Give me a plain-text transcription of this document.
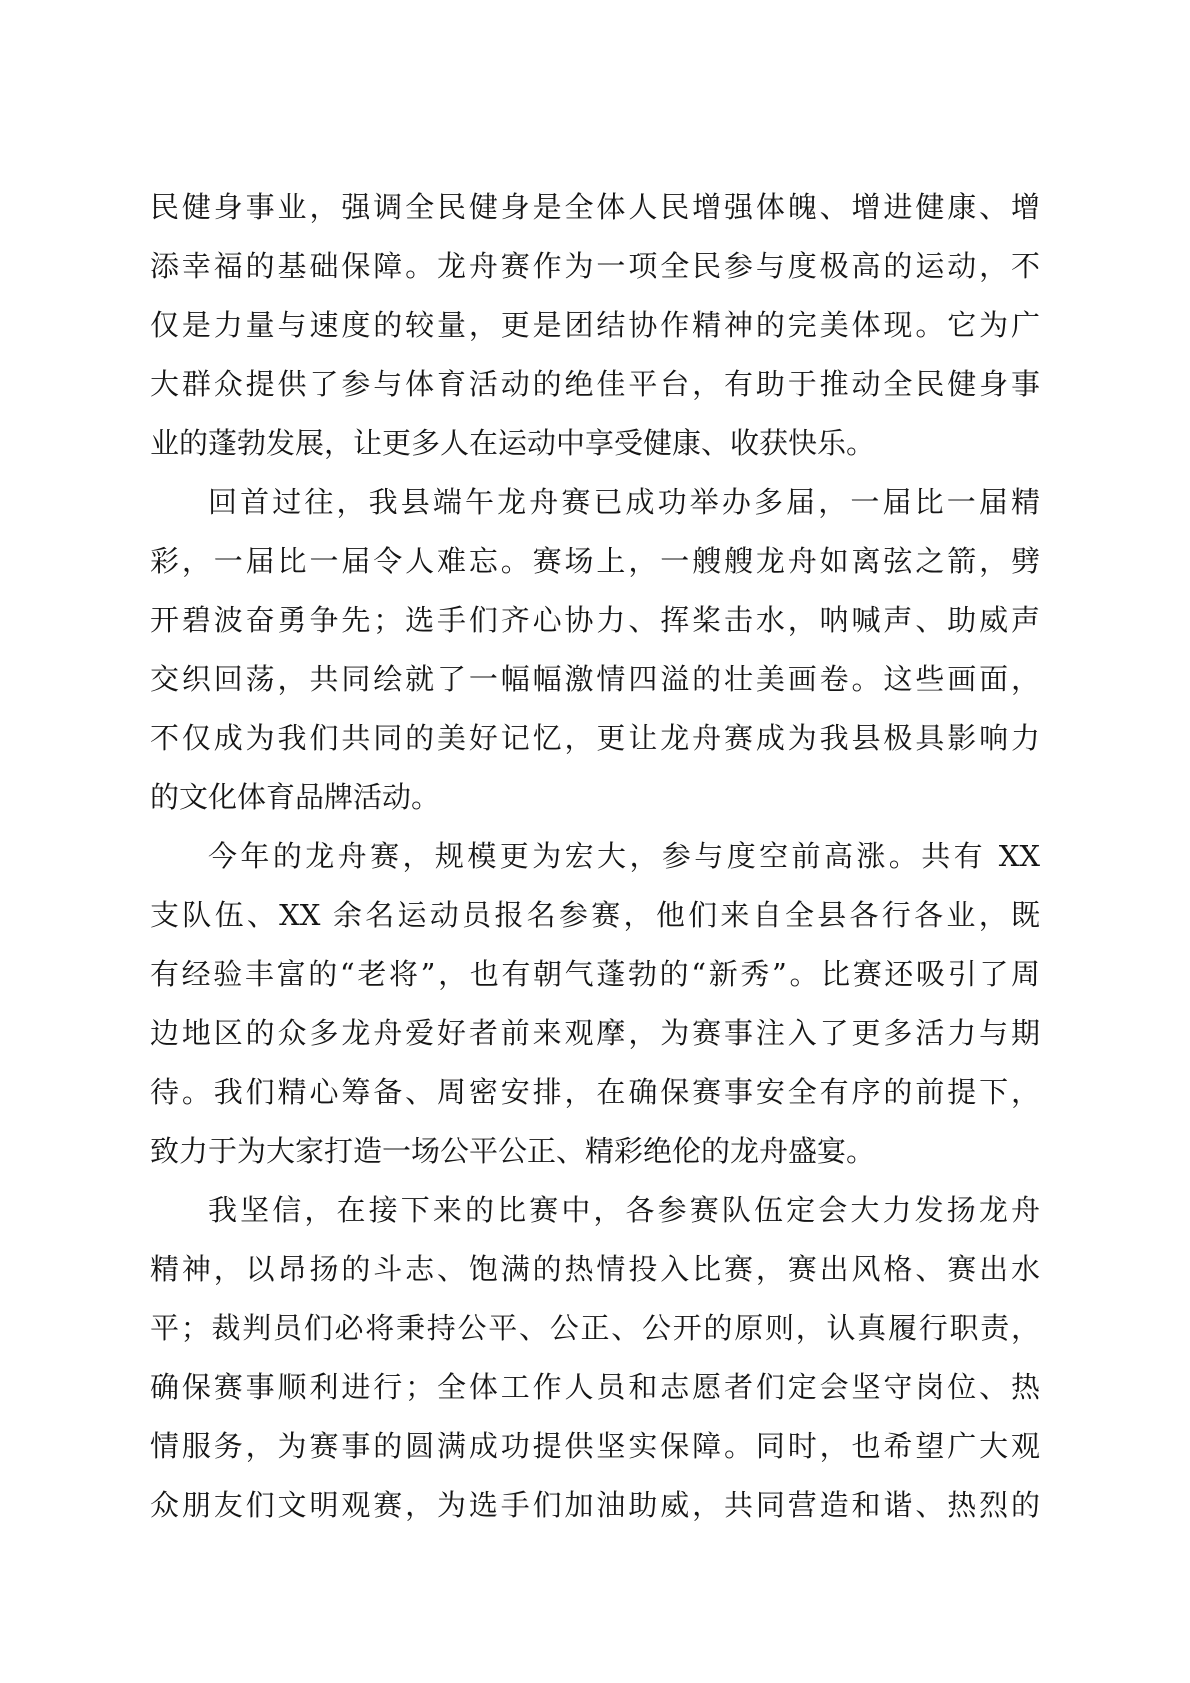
民健身事业，强调全民健身是全体人民增强体魄、增进健康、增
添幸福的基础保障。龙舟赛作为一项全民参与度极高的运动，不
仅是力量与速度的较量，更是团结协作精神的完美体现。它为广
大群众提供了参与体育活动的绝佳平台，有助于推动全民健身事
业的蓬勃发展，让更多人在运动中享受健康、收获快乐。
回首过往，我县端午龙舟赛已成功举办多届，一届比一届精
彩，一届比一届令人难忘。赛场上，一艘艘龙舟如离弦之箭，劈
开碧波奋勇争先；选手们齐心协力、挥桨击水，呐喊声、助威声
交织回荡，共同绘就了一幅幅激情四溢的壮美画卷。这些画面，
不仅成为我们共同的美好记忆，更让龙舟赛成为我县极具影响力
的文化体育品牌活动。
今年的龙舟赛，规模更为宏大，参与度空前高涨。共有 XX
支队伍、XX 余名运动员报名参赛，他们来自全县各行各业，既
有经验丰富的“老将”，也有朝气蓬勃的“新秀”。比赛还吸引了周
边地区的众多龙舟爱好者前来观摩，为赛事注入了更多活力与期
待。我们精心筹备、周密安排，在确保赛事安全有序的前提下，
致力于为大家打造一场公平公正、精彩绝伦的龙舟盛宴。
我坚信，在接下来的比赛中，各参赛队伍定会大力发扬龙舟
精神，以昂扬的斗志、饱满的热情投入比赛，赛出风格、赛出水
平；裁判员们必将秉持公平、公正、公开的原则，认真履行职责，
确保赛事顺利进行；全体工作人员和志愿者们定会坚守岗位、热
情服务，为赛事的圆满成功提供坚实保障。同时，也希望广大观
众朋友们文明观赛，为选手们加油助威，共同营造和谐、热烈的
